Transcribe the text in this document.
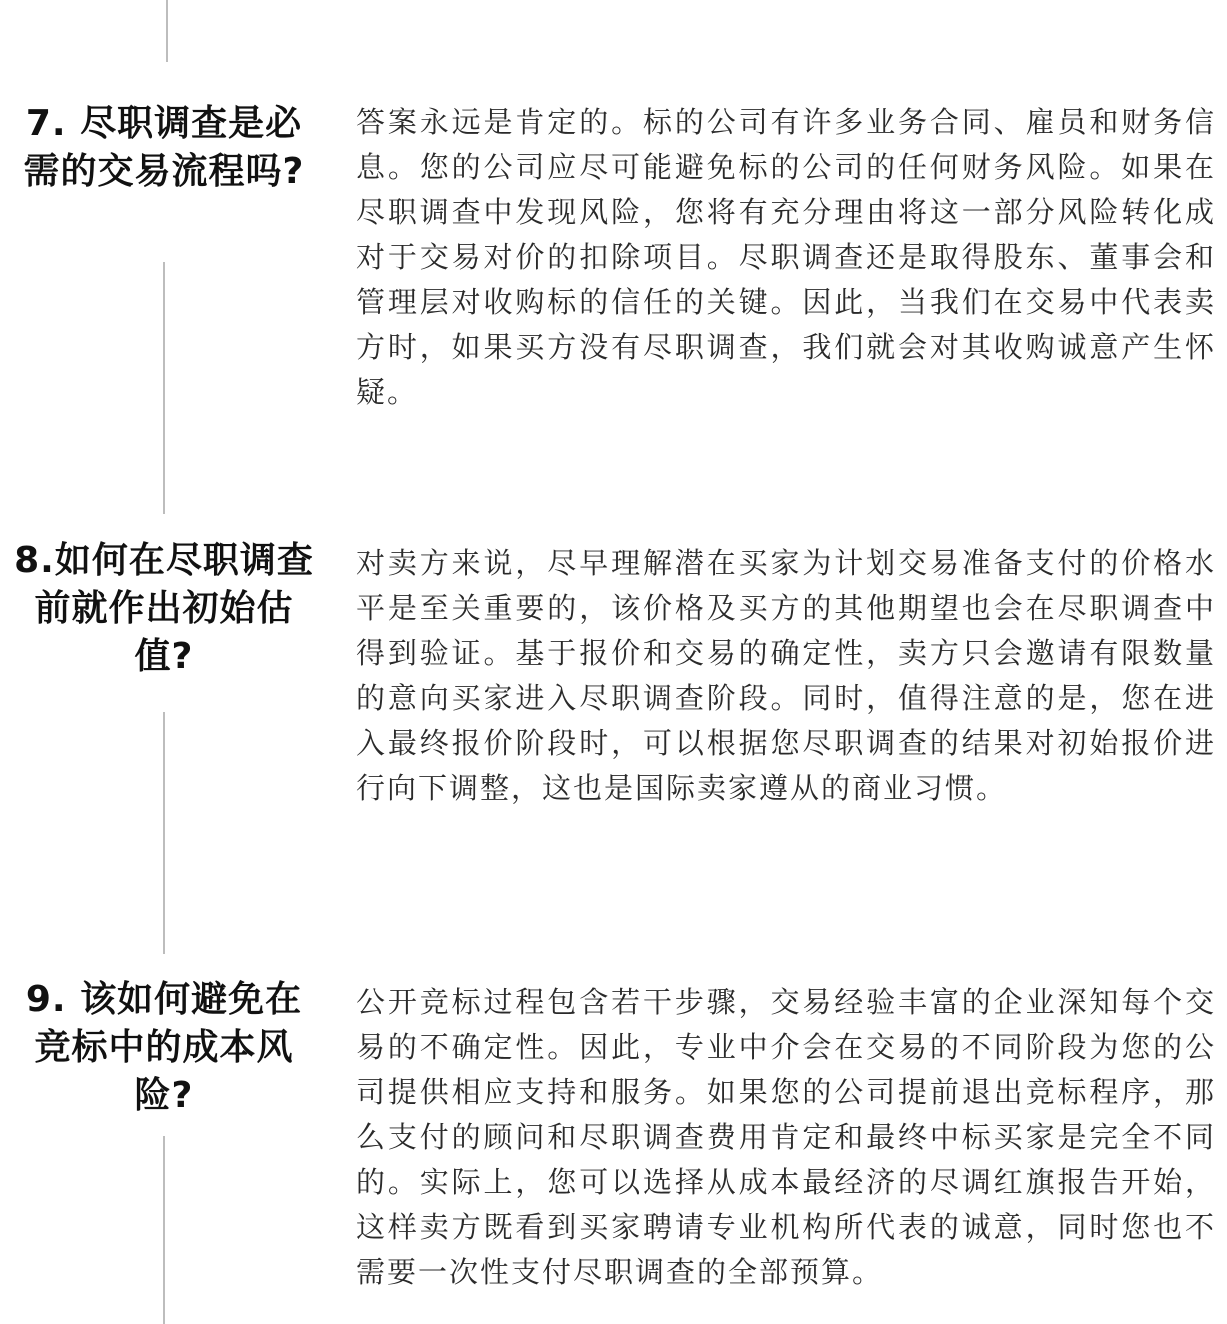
7. 尽职调查是必需的交易流程吗?

答案永远是肯定的。标的公司有许多业务合同、雇员和财务信息。您的公司应尽可能避免标的公司的任何财务风险。如果在尽职调查中发现风险，您将有充分理由将这一部分风险转化成对于交易对价的扣除项目。尽职调查还是取得股东、董事会和管理层对收购标的信任的关键。因此，当我们在交易中代表卖方时，如果买方没有尽职调查，我们就会对其收购诚意产生怀疑。

8.如何在尽职调查前就作出初始估值?

对卖方来说，尽早理解潜在买家为计划交易准备支付的价格水平是至关重要的，该价格及买方的其他期望也会在尽职调查中得到验证。基于报价和交易的确定性，卖方只会邀请有限数量的意向买家进入尽职调查阶段。同时，值得注意的是，您在进入最终报价阶段时，可以根据您尽职调查的结果对初始报价进行向下调整，这也是国际卖家遵从的商业习惯。

9. 该如何避免在竞标中的成本风险?

公开竞标过程包含若干步骤，交易经验丰富的企业深知每个交易的不确定性。因此，专业中介会在交易的不同阶段为您的公司提供相应支持和服务。如果您的公司提前退出竞标程序，那么支付的顾问和尽职调查费用肯定和最终中标买家是完全不同的。实际上，您可以选择从成本最经济的尽调红旗报告开始，这样卖方既看到买家聘请专业机构所代表的诚意，同时您也不需要一次性支付尽职调查的全部预算。
